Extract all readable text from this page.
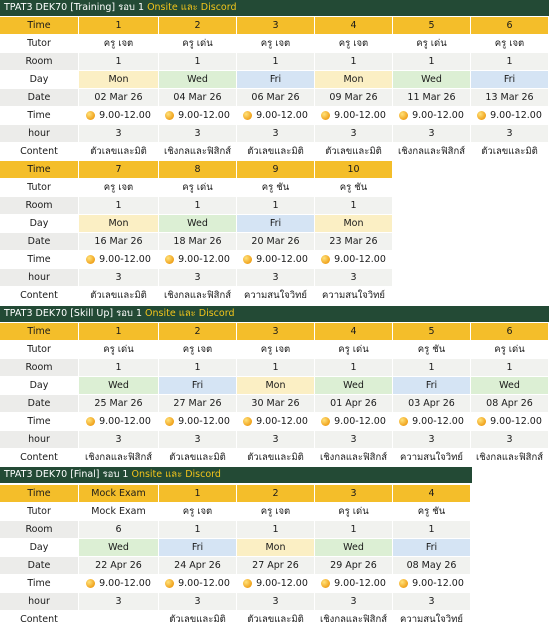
TPAT3 DEK70 [Training] รอบ 1 Onsite และ Discord
Time
Tutor
Room
Day
Date
Time
hour
Content
1
ครู เจต
1
Mon
02 Mar 26
9.00-12.00
3
ตัวเลขและมิติ
2
ครู เด่น
1
Wed
04 Mar 26
9.00-12.00
3
เชิงกลและฟิสิกส์
3
ครู เจต
1
Fri
06 Mar 26
9.00-12.00
3
ตัวเลขและมิติ
4
ครู เจต
1
Mon
09 Mar 26
9.00-12.00
3
ตัวเลขและมิติ
5
ครู เด่น
1
Wed
11 Mar 26
9.00-12.00
3
เชิงกลและฟิสิกส์
6
ครู เจต
1
Fri
13 Mar 26
9.00-12.00
3
ตัวเลขและมิติ
Time
Tutor
Room
Day
Date
Time
hour
Content
7
ครู เจต
1
Mon
16 Mar 26
9.00-12.00
3
ตัวเลขและมิติ
8
ครู เด่น
1
Wed
18 Mar 26
9.00-12.00
3
เชิงกลและฟิสิกส์
9
ครู ชัน
1
Fri
20 Mar 26
9.00-12.00
3
ความสนใจวิทย์
10
ครู ชัน
1
Mon
23 Mar 26
9.00-12.00
3
ความสนใจวิทย์
TPAT3 DEK70 [Skill Up] รอบ 1 Onsite และ Discord
Time
Tutor
Room
Day
Date
Time
hour
Content
1
ครู เด่น
1
Wed
25 Mar 26
9.00-12.00
3
เชิงกลและฟิสิกส์
2
ครู เจต
1
Fri
27 Mar 26
9.00-12.00
3
ตัวเลขและมิติ
3
ครู เจต
1
Mon
30 Mar 26
9.00-12.00
3
ตัวเลขและมิติ
4
ครู เด่น
1
Wed
01 Apr 26
9.00-12.00
3
เชิงกลและฟิสิกส์
5
ครู ชัน
1
Fri
03 Apr 26
9.00-12.00
3
ความสนใจวิทย์
6
ครู เด่น
1
Wed
08 Apr 26
9.00-12.00
3
เชิงกลและฟิสิกส์
TPAT3 DEK70 [Final] รอบ 1 Onsite และ Discord
Time
Tutor
Room
Day
Date
Time
hour
Content
Mock Exam
Mock Exam
6
Wed
22 Apr 26
9.00-12.00
3
1
ครู เจต
1
Fri
24 Apr 26
9.00-12.00
3
ตัวเลขและมิติ
2
ครู เจต
1
Mon
27 Apr 26
9.00-12.00
3
ตัวเลขและมิติ
3
ครู เด่น
1
Wed
29 Apr 26
9.00-12.00
3
เชิงกลและฟิสิกส์
4
ครู ชัน
1
Fri
08 May 26
9.00-12.00
3
ความสนใจวิทย์
